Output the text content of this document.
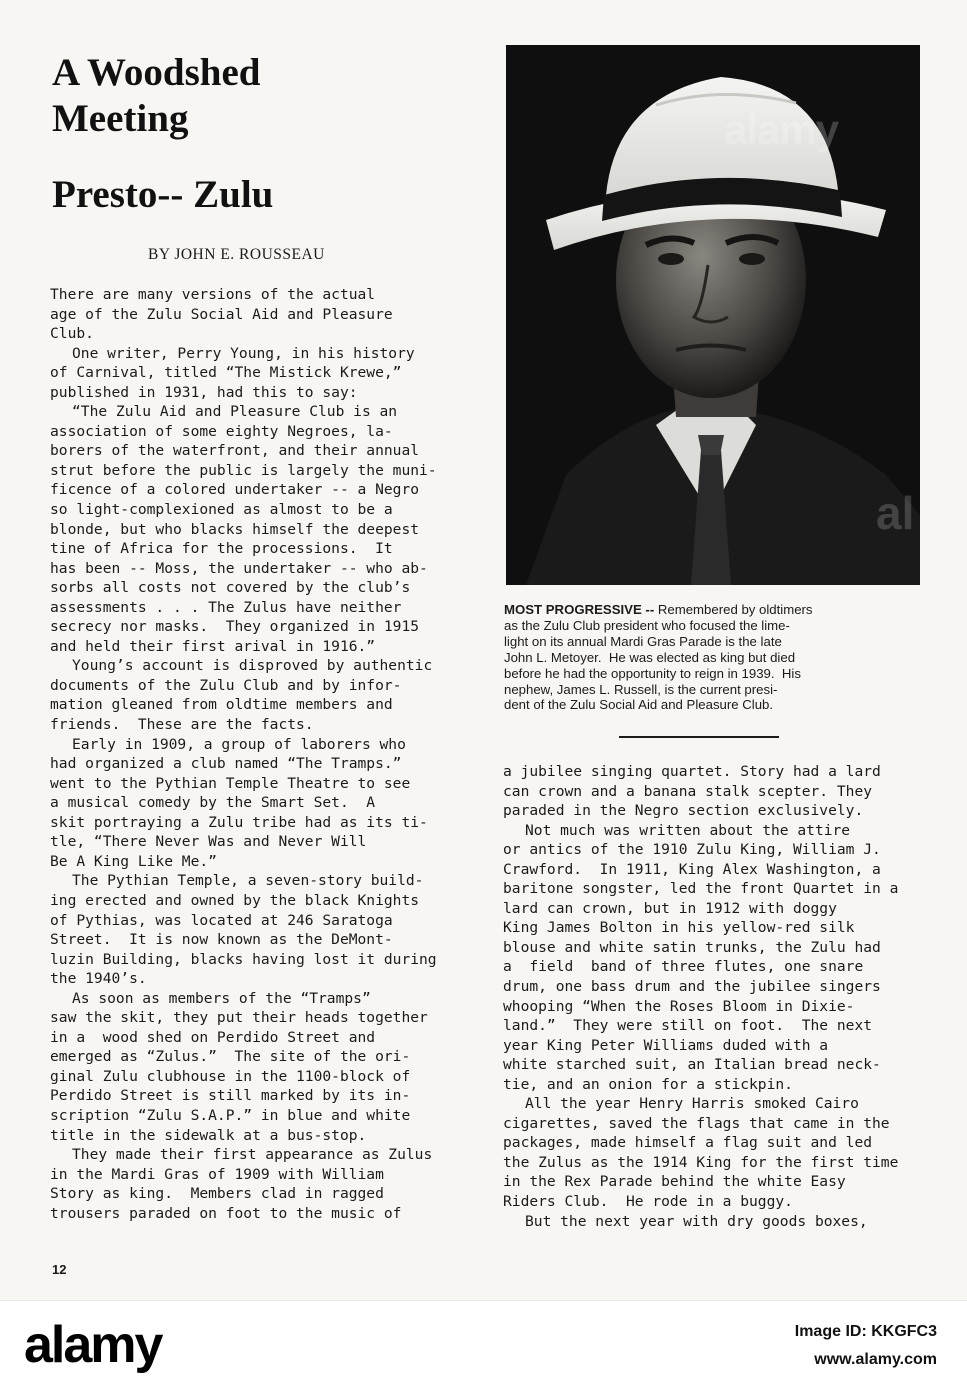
A Woodshed
Meeting
Presto-- Zulu

BY JOHN E. ROUSSEAU

There are many versions of the actual

age of the Zulu Social Aid and Pleasure

Club.

One writer, Perry Young, in his history

of Carnival, titled “The Mistick Krewe,”

published in 1931, had this to say:

“The Zulu Aid and Pleasure Club is an

association of some eighty Negroes, la-

borers of the waterfront, and their annual

strut before the public is largely the muni-

ficence of a colored undertaker -- a Negro

so light-complexioned as almost to be a

blonde, but who blacks himself the deepest

tine of Africa for the processions.  It

has been -- Moss, the undertaker -- who ab-

sorbs all costs not covered by the club’s

assessments . . . The Zulus have neither

secrecy nor masks.  They organized in 1915

and held their first arival in 1916.”

Young’s account is disproved by authentic

documents of the Zulu Club and by infor-

mation gleaned from oldtime members and

friends.  These are the facts.

Early in 1909, a group of laborers who

had organized a club named “The Tramps.”

went to the Pythian Temple Theatre to see

a musical comedy by the Smart Set.  A

skit portraying a Zulu tribe had as its ti-

tle, “There Never Was and Never Will

Be A King Like Me.”

The Pythian Temple, a seven-story build-

ing erected and owned by the black Knights

of Pythias, was located at 246 Saratoga

Street.  It is now known as the DeMont-

luzin Building, blacks having lost it during

the 1940’s.

As soon as members of the “Tramps”

saw the skit, they put their heads together

in a  wood shed on Perdido Street and

emerged as “Zulus.”  The site of the ori-

ginal Zulu clubhouse in the 1100-block of

Perdido Street is still marked by its in-

scription “Zulu S.A.P.” in blue and white

title in the sidewalk at a bus-stop.

They made their first appearance as Zulus

in the Mardi Gras of 1909 with William

Story as king.  Members clad in ragged

trousers paraded on foot to the music of

alamy
al

MOST PROGRESSIVE -- Remembered by oldtimers

as the Zulu Club president who focused the lime-

light on its annual Mardi Gras Parade is the late

John L. Metoyer.  He was elected as king but died

before he had the opportunity to reign in 1939.  His

nephew, James L. Russell, is the current presi-

dent of the Zulu Social Aid and Pleasure Club.

a jubilee singing quartet. Story had a lard

can crown and a banana stalk scepter. They

paraded in the Negro section exclusively.

Not much was written about the attire

or antics of the 1910 Zulu King, William J.

Crawford.  In 1911, King Alex Washington, a

baritone songster, led the front Quartet in a

lard can crown, but in 1912 with doggy

King James Bolton in his yellow-red silk

blouse and white satin trunks, the Zulu had

a  field  band of three flutes, one snare

drum, one bass drum and the jubilee singers

whooping “When the Roses Bloom in Dixie-

land.”  They were still on foot.  The next

year King Peter Williams duded with a

white starched suit, an Italian bread neck-

tie, and an onion for a stickpin.

All the year Henry Harris smoked Cairo

cigarettes, saved the flags that came in the

packages, made himself a flag suit and led

the Zulus as the 1914 King for the first time

in the Rex Parade behind the white Easy

Riders Club.  He rode in a buggy.

But the next year with dry goods boxes,

12

alamy	Image ID: KKGFC3

www.alamy.com
